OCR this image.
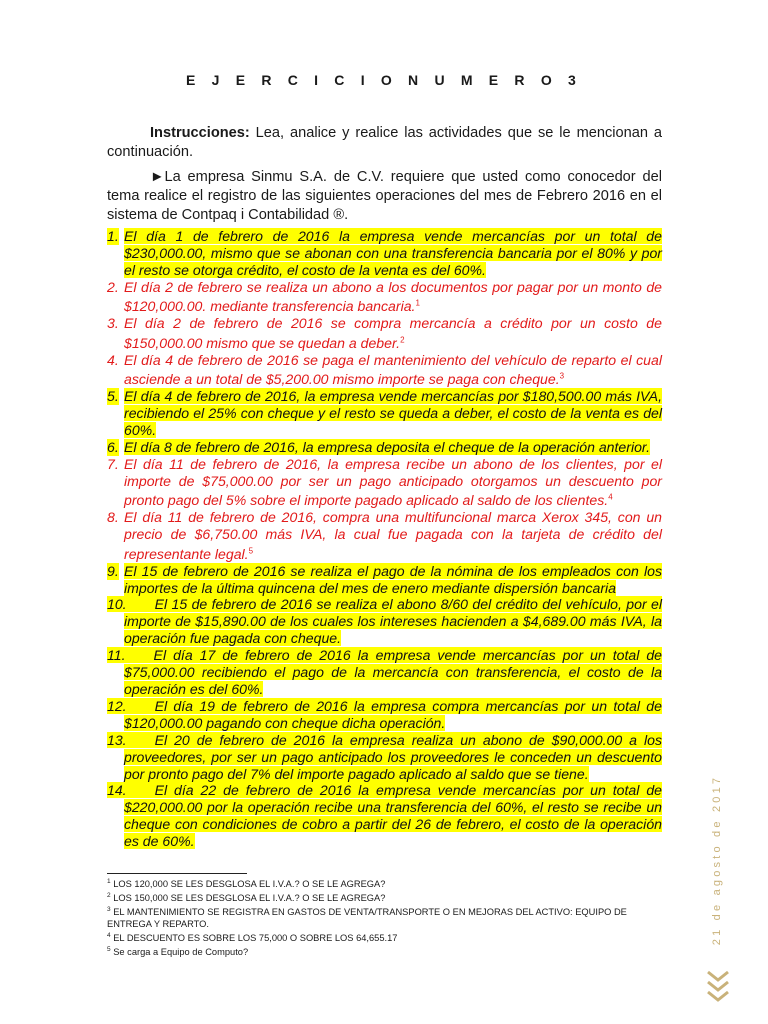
E J E R C I C I O N U M E R O 3
Instrucciones: Lea, analice y realice las actividades que se le mencionan a continuación.
►La empresa Sinmu S.A. de C.V. requiere que usted como conocedor del tema realice el registro de las siguientes operaciones del mes de Febrero 2016 en el sistema de Contpaq i Contabilidad ®.
1. El día 1 de febrero de 2016 la empresa vende mercancías por un total de $230,000.00, mismo que se abonan con una transferencia bancaria por el 80% y por el resto se otorga crédito, el costo de la venta es del 60%.
2. El día 2 de febrero se realiza un abono a los documentos por pagar por un monto de $120,000.00. mediante transferencia bancaria.$^1$
3. El día 2 de febrero de 2016 se compra mercancía a crédito por un costo de $150,000.00 mismo que se quedan a deber.$^2$
4. El día 4 de febrero de 2016 se paga el mantenimiento del vehículo de reparto el cual asciende a un total de $5,200.00 mismo importe se paga con cheque.$^3$
5. El día 4 de febrero de 2016, la empresa vende mercancías por $180,500.00 más IVA, recibiendo el 25% con cheque y el resto se queda a deber, el costo de la venta es del 60%.
6. El día 8 de febrero de 2016, la empresa deposita el cheque de la operación anterior.
7. El día 11 de febrero de 2016, la empresa recibe un abono de los clientes, por el importe de $75,000.00 por ser un pago anticipado otorgamos un descuento por pronto pago del 5% sobre el importe pagado aplicado al saldo de los clientes.$^4$
8. El día 11 de febrero de 2016, compra una multifuncional marca Xerox 345, con un precio de $6,750.00 más IVA, la cual fue pagada con la tarjeta de crédito del representante legal.$^5$
9. El 15 de febrero de 2016 se realiza el pago de la nómina de los empleados con los importes de la última quincena del mes de enero mediante dispersión bancaria
10. El 15 de febrero de 2016 se realiza el abono 8/60 del crédito del vehículo, por el importe de $15,890.00 de los cuales los intereses hacienden a $4,689.00 más IVA, la operación fue pagada con cheque.
11. El día 17 de febrero de 2016 la empresa vende mercancías por un total de $75,000.00 recibiendo el pago de la mercancía con transferencia, el costo de la operación es del 60%.
12. El día 19 de febrero de 2016 la empresa compra mercancías por un total de $120,000.00 pagando con cheque dicha operación.
13. El 20 de febrero de 2016 la empresa realiza un abono de $90,000.00 a los proveedores, por ser un pago anticipado los proveedores le conceden un descuento por pronto pago del 7% del importe pagado aplicado al saldo que se tiene.
14. El día 22 de febrero de 2016 la empresa vende mercancías por un total de $220,000.00 por la operación recibe una transferencia del 60%, el resto se recibe un cheque con condiciones de cobro a partir del 26 de febrero, el costo de la operación es de 60%.
$^1$ LOS 120,000 SE LES DESGLOSA EL I.V.A.? O SE LE AGREGA?
$^2$ LOS 150,000 SE LES DESGLOSA EL I.V.A.? O SE LE AGREGA?
$^3$ EL MANTENIMIENTO SE REGISTRA EN GASTOS DE VENTA/TRANSPORTE O EN MEJORAS DEL ACTIVO: EQUIPO DE ENTREGA Y REPARTO.
$^4$ EL DESCUENTO ES SOBRE LOS 75,000 O SOBRE LOS 64,655.17
$^5$ Se carga a Equipo de Computo?
21 de agosto de 2017
